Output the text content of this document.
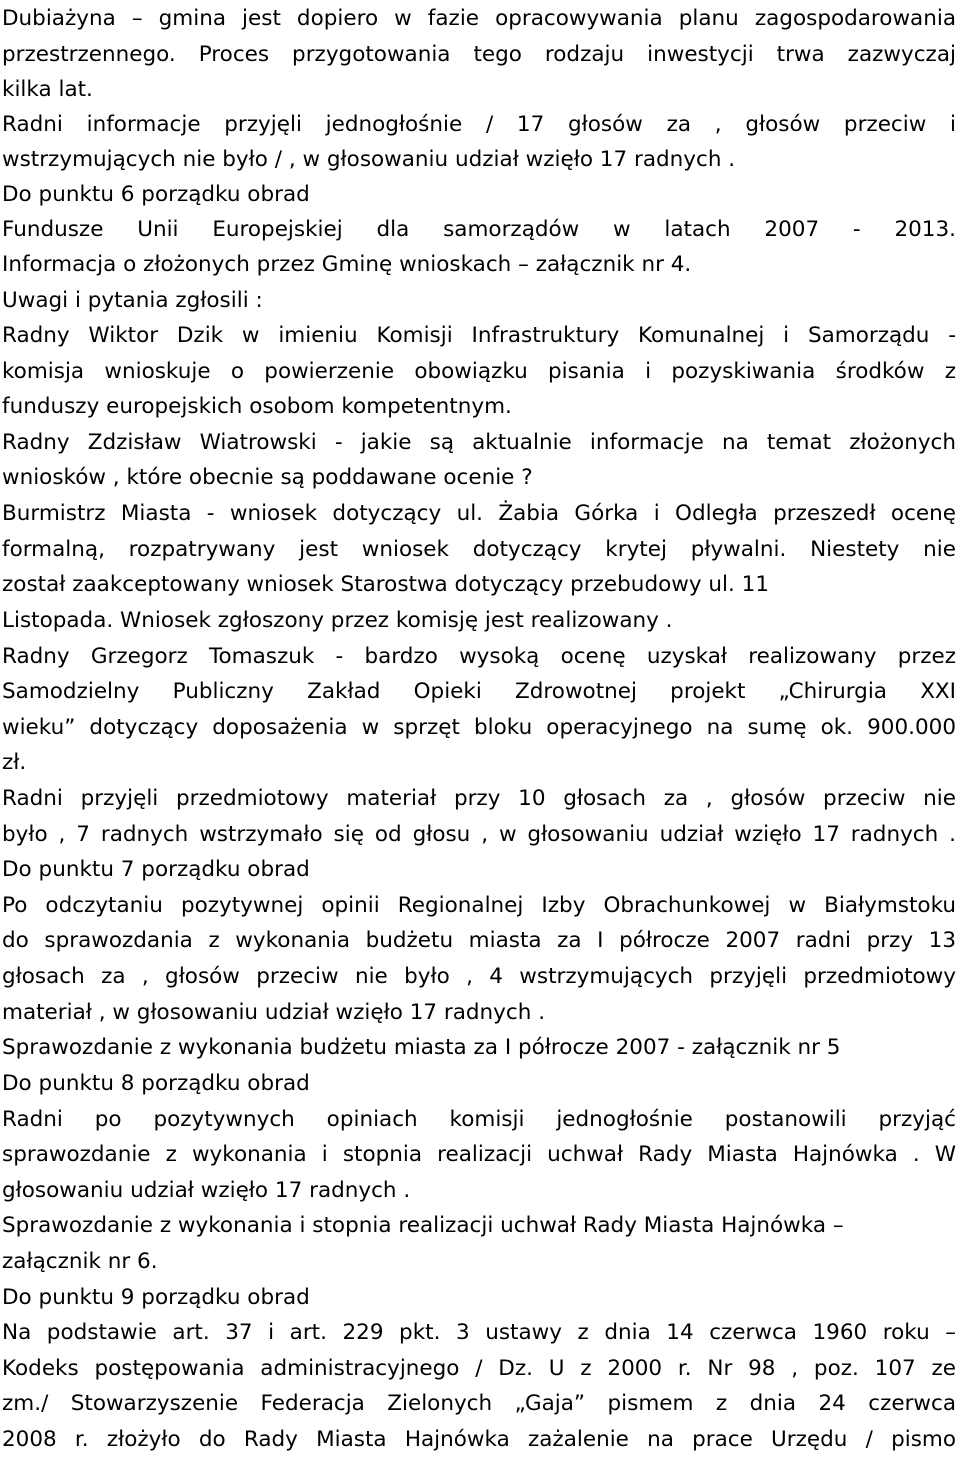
Dubiażyna – gmina jest dopiero w fazie opracowywania planu zagospodarowania
przestrzennego. Proces przygotowania tego rodzaju inwestycji trwa zazwyczaj
kilka lat.
Radni informacje przyjęli jednogłośnie / 17 głosów za , głosów przeciw i
wstrzymujących nie było / , w głosowaniu udział wzięło 17 radnych .
Do punktu 6 porządku obrad
Fundusze Unii Europejskiej dla samorządów w latach 2007 - 2013.
Informacja o złożonych przez Gminę wnioskach – załącznik nr 4.
Uwagi i pytania zgłosili :
Radny Wiktor Dzik w imieniu Komisji Infrastruktury Komunalnej i Samorządu -
komisja wnioskuje o powierzenie obowiązku pisania i pozyskiwania środków z
funduszy europejskich osobom kompetentnym.
Radny Zdzisław Wiatrowski - jakie są aktualnie informacje na temat złożonych
wniosków , które obecnie są poddawane ocenie ?
Burmistrz Miasta - wniosek dotyczący ul. Żabia Górka i Odległa przeszedł ocenę
formalną, rozpatrywany jest wniosek dotyczący krytej pływalni. Niestety nie
został zaakceptowany wniosek Starostwa dotyczący przebudowy ul. 11
Listopada. Wniosek zgłoszony przez komisję jest realizowany .
Radny Grzegorz Tomaszuk - bardzo wysoką ocenę uzyskał realizowany przez
Samodzielny Publiczny Zakład Opieki Zdrowotnej projekt „Chirurgia XXI
wieku” dotyczący doposażenia w sprzęt bloku operacyjnego na sumę ok. 900.000
zł.
Radni przyjęli przedmiotowy materiał przy 10 głosach za , głosów przeciw nie
było , 7 radnych wstrzymało się od głosu , w głosowaniu udział wzięło 17 radnych .
Do punktu 7 porządku obrad
Po odczytaniu pozytywnej opinii Regionalnej Izby Obrachunkowej w Białymstoku
do sprawozdania z wykonania budżetu miasta za I półrocze 2007 radni przy 13
głosach za , głosów przeciw nie było , 4 wstrzymujących przyjęli przedmiotowy
materiał , w głosowaniu udział wzięło 17 radnych .
Sprawozdanie z wykonania budżetu miasta za I półrocze 2007 - załącznik nr 5
Do punktu 8 porządku obrad
Radni po pozytywnych opiniach komisji jednogłośnie postanowili przyjąć
sprawozdanie z wykonania i stopnia realizacji uchwał Rady Miasta Hajnówka . W
głosowaniu udział wzięło 17 radnych .
Sprawozdanie z wykonania i stopnia realizacji uchwał Rady Miasta Hajnówka –
załącznik nr 6.
Do punktu 9 porządku obrad
Na podstawie art. 37 i art. 229 pkt. 3 ustawy z dnia 14 czerwca 1960 roku –
Kodeks postępowania administracyjnego / Dz. U z 2000 r. Nr 98 , poz. 107 ze
zm./ Stowarzyszenie Federacja Zielonych „Gaja” pismem z dnia 24 czerwca
2008 r. złożyło do Rady Miasta Hajnówka zażalenie na prace Urzędu / pismo
